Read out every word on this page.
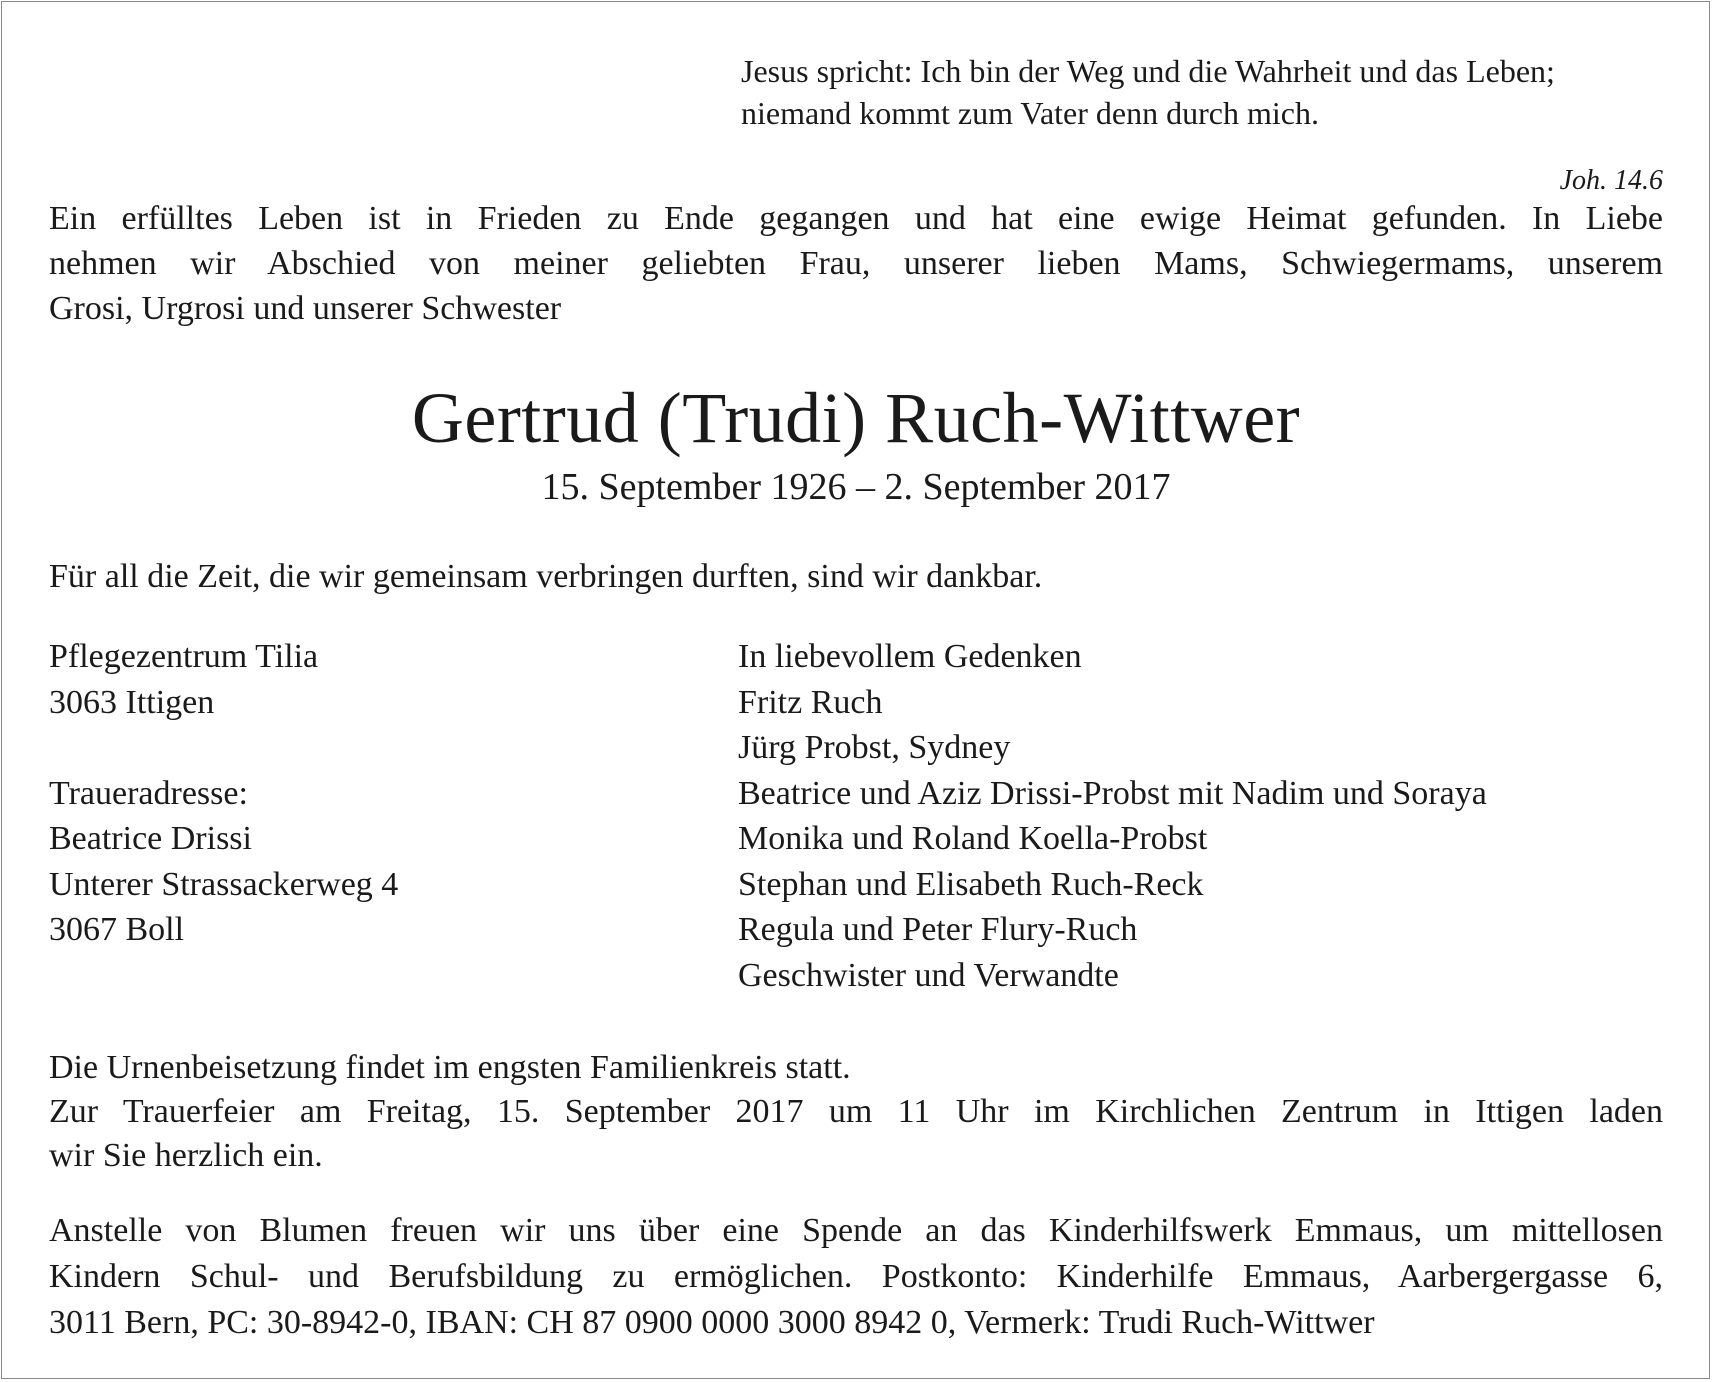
Jesus spricht: Ich bin der Weg und die Wahrheit und das Leben;
niemand kommt zum Vater denn durch mich.
Joh. 14.6
Ein erfülltes Leben ist in Frieden zu Ende gegangen und hat eine ewige Heimat gefunden. In Liebe
nehmen wir Abschied von meiner geliebten Frau, unserer lieben Mams, Schwiegermams, unserem
Grosi, Urgrosi und unserer Schwester
Gertrud (Trudi) Ruch-Wittwer
15. September 1926 – 2. September 2017
Für all die Zeit, die wir gemeinsam verbringen durften, sind wir dankbar.
Pflegezentrum Tilia
3063 Ittigen
Traueradresse:
Beatrice Drissi
Unterer Strassackerweg 4
3067 Boll
In liebevollem Gedenken
Fritz Ruch
Jürg Probst, Sydney
Beatrice und Aziz Drissi-Probst mit Nadim und Soraya
Monika und Roland Koella-Probst
Stephan und Elisabeth Ruch-Reck
Regula und Peter Flury-Ruch
Geschwister und Verwandte
Die Urnenbeisetzung findet im engsten Familienkreis statt.
Zur Trauerfeier am Freitag, 15. September 2017 um 11 Uhr im Kirchlichen Zentrum in Ittigen laden
wir Sie herzlich ein.
Anstelle von Blumen freuen wir uns über eine Spende an das Kinderhilfswerk Emmaus, um mittellosen
Kindern Schul- und Berufsbildung zu ermöglichen. Postkonto: Kinderhilfe Emmaus, Aarbergergasse 6,
3011 Bern, PC: 30-8942-0, IBAN: CH 87 0900 0000 3000 8942 0, Vermerk: Trudi Ruch-Wittwer
